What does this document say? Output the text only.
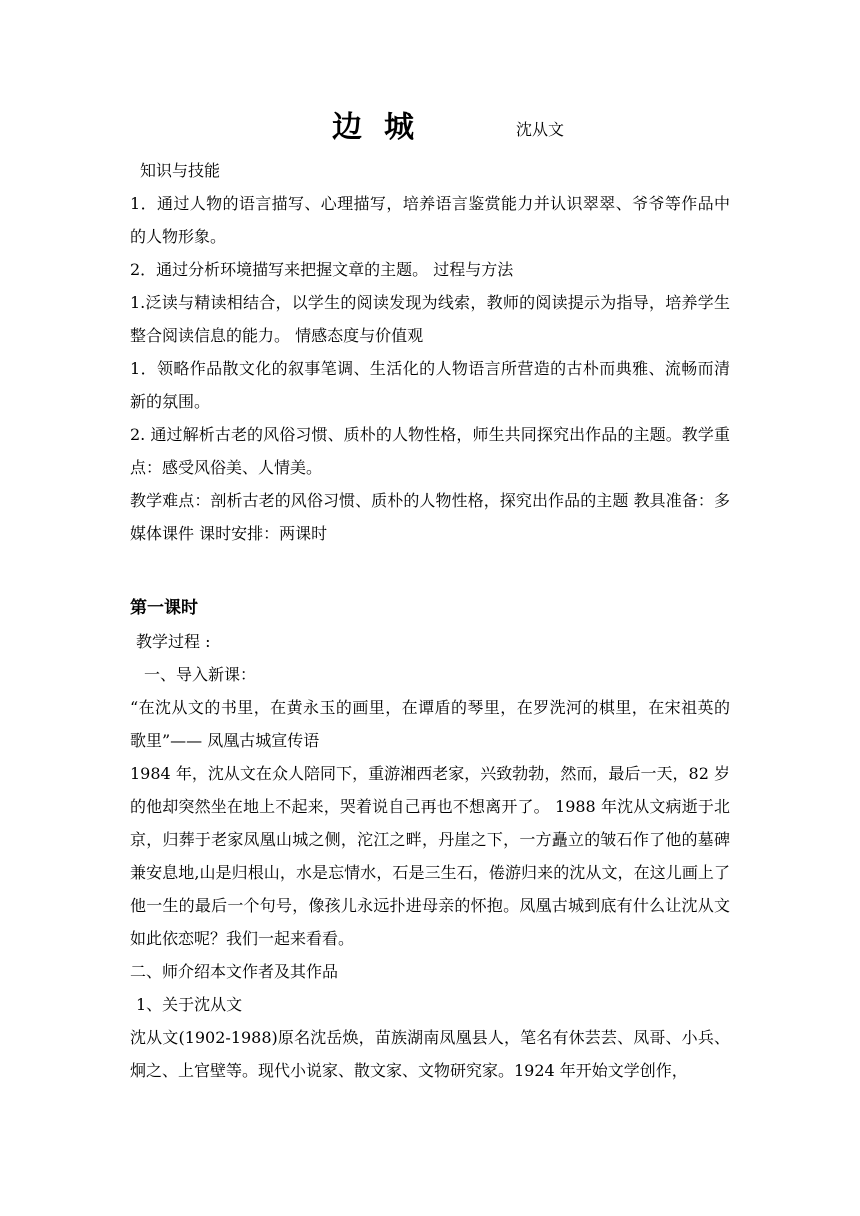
边城	沈从文

知识与技能

1．通过人物的语言描写、心理描写，培养语言鉴赏能力并认识翠翠、爷爷等作品中的人物形象。

2．通过分析环境描写来把握文章的主题。 过程与方法

1.泛读与精读相结合，以学生的阅读发现为线索，教师的阅读提示为指导，培养学生整合阅读信息的能力。 情感态度与价值观

1．领略作品散文化的叙事笔调、生活化的人物语言所营造的古朴而典雅、流畅而清新的氛围。

2. 通过解析古老的风俗习惯、质朴的人物性格，师生共同探究出作品的主题。教学重点：感受风俗美、人情美。

教学难点：剖析古老的风俗习惯、质朴的人物性格，探究出作品的主题 教具准备：多媒体课件 课时安排：两课时

第一课时

教学过程 :

一、导入新课：

“在沈从文的书里，在黄永玉的画里，在谭盾的琴里，在罗洗河的棋里，在宋祖英的歌里”—— 凤凰古城宣传语

1984 年，沈从文在众人陪同下，重游湘西老家，兴致勃勃，然而，最后一天，82 岁的他却突然坐在地上不起来，哭着说自己再也不想离开了。 1988 年沈从文病逝于北京，归葬于老家凤凰山城之侧，沱江之畔，丹崖之下，一方矗立的皱石作了他的墓碑兼安息地,山是归根山，水是忘情水，石是三生石，倦游归来的沈从文，在这儿画上了他一生的最后一个句号，像孩儿永远扑进母亲的怀抱。凤凰古城到底有什么让沈从文如此依恋呢？我们一起来看看。

二、师介绍本文作者及其作品

1、关于沈从文

沈从文(1902-1988)原名沈岳焕，苗族湖南凤凰县人，笔名有休芸芸、凤哥、小兵、炯之、上官壁等。现代小说家、散文家、文物研究家。1924 年开始文学创作，
